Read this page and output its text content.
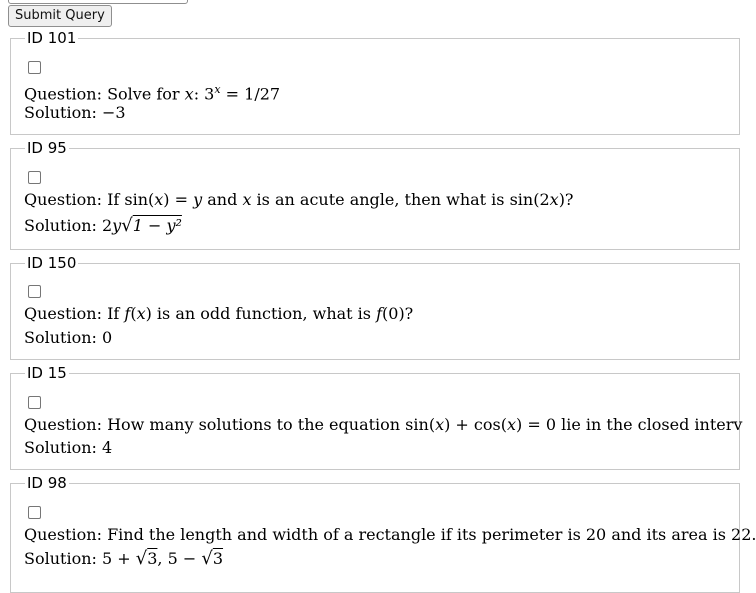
Submit Query
ID 101
Question: Solve for x: $3^x = 1/27$
Solution: −3
ID 95
Question: If sin(x) = y and x is an acute angle, then what is sin(2x)?
Solution: 2y√1 − y²
ID 150
Question: If f(x) is an odd function, what is f(0)?
Solution: 0
ID 15
Question: How many solutions to the equation sin(x) + cos(x) = 0 lie in the closed interv
Solution: 4
ID 98
Question: Find the length and width of a rectangle if its perimeter is 20 and its area is 22.
Solution: 5 + √3, 5 − √3
